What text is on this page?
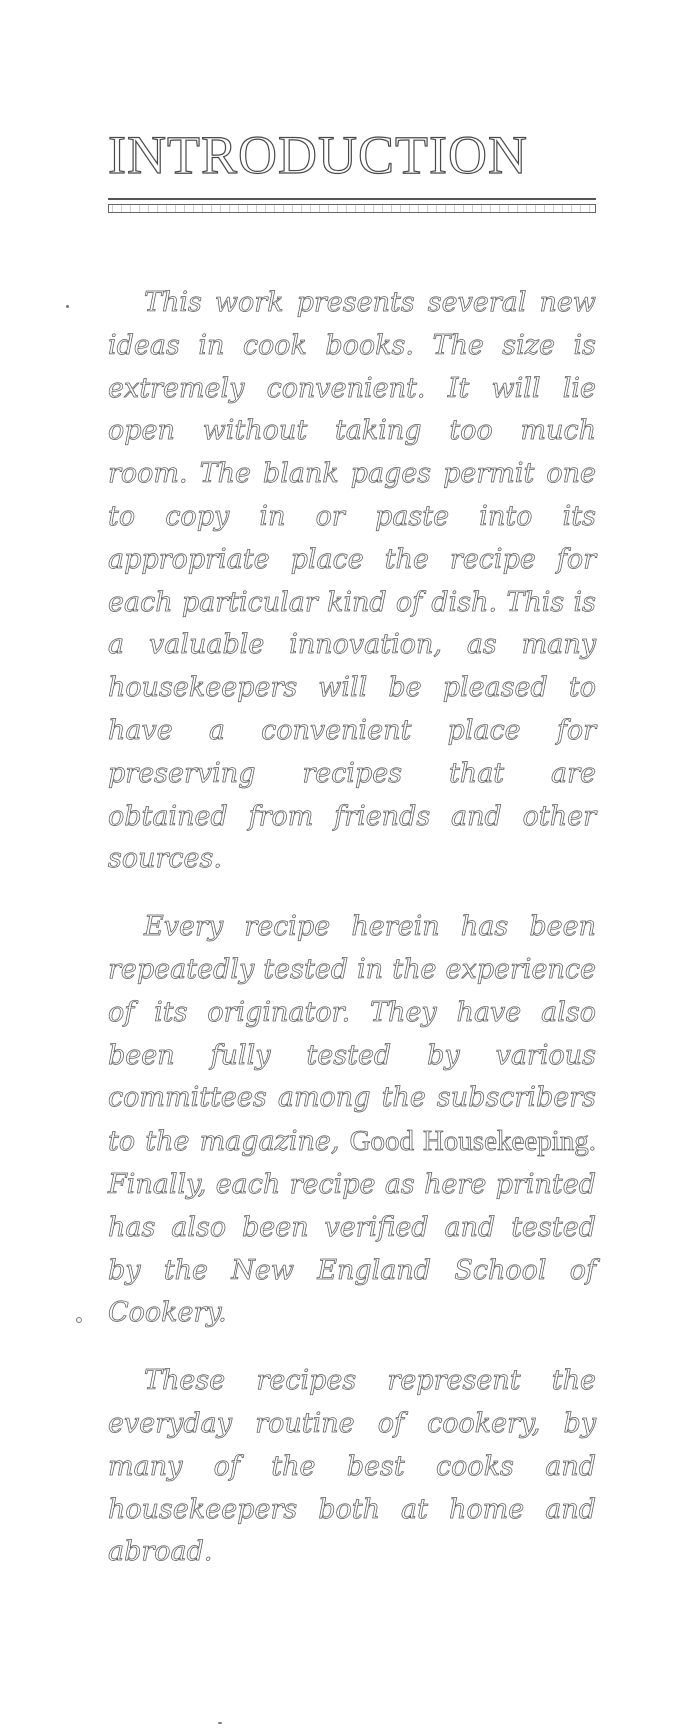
INTRODUCTION

This work presents several new ideas in cook books. The size is extremely convenient. It will lie open without taking too much room. The blank pages permit one to copy in or paste into its appropriate place the recipe for each particular kind of dish. This is a valuable innovation, as many housekeepers will be pleased to have a convenient place for preserving recipes that are obtained from friends and other sources.

Every recipe herein has been repeatedly tested in the experience of its originator. They have also been fully tested by various committees among the subscribers to the magazine, Good Housekeeping. Finally, each recipe as here printed has also been verified and tested by the New England School of Cookery.

These recipes represent the everyday routine of cookery, by many of the best cooks and housekeepers both at home and abroad.
